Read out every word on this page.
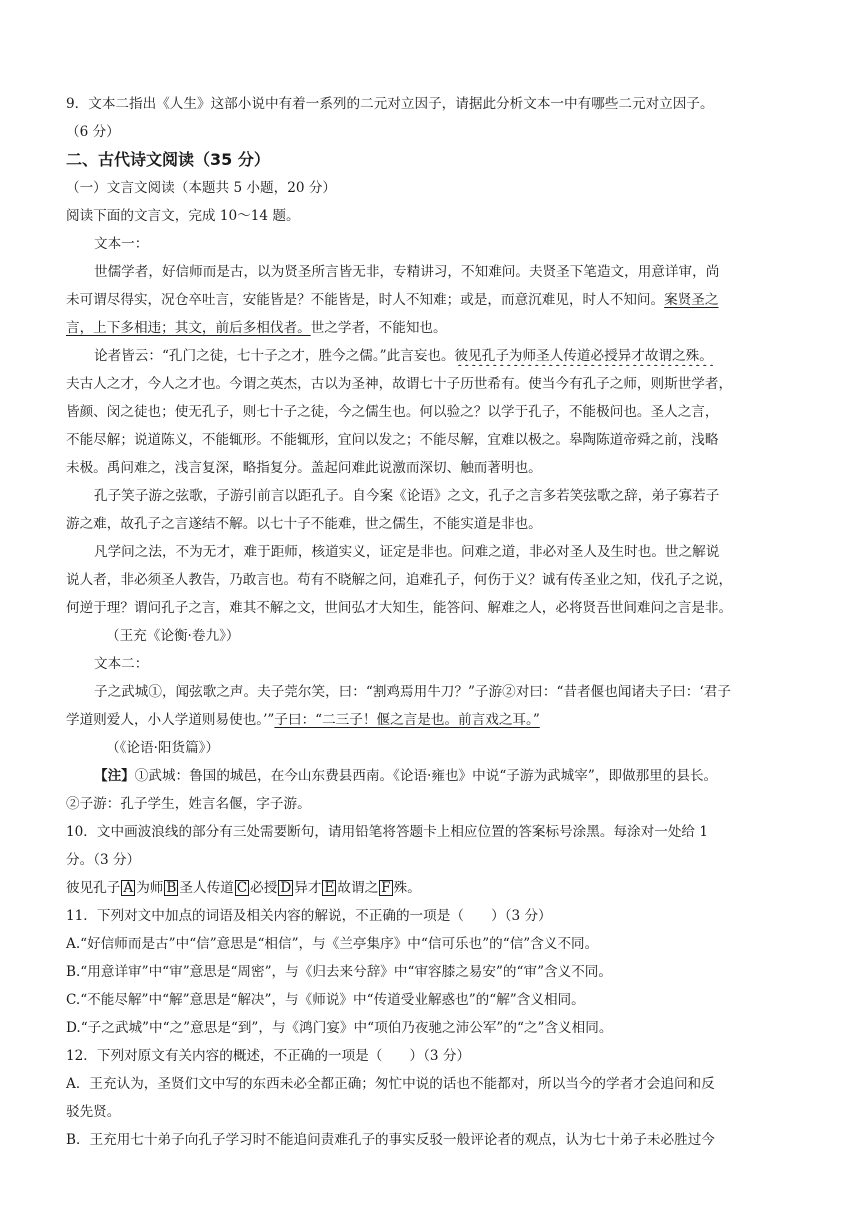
9．文本二指出《人生》这部小说中有着一系列的二元对立因子，请据此分析文本一中有哪些二元对立因子。
（6 分）
二、古代诗文阅读（35 分）
（一）文言文阅读（本题共 5 小题，20 分）
阅读下面的文言文，完成 10～14 题。
文本一：
世儒学者，好信师而是古，以为贤圣所言皆无非，专精讲习，不知难问。夫贤圣下笔造文，用意详审，尚
未可谓尽得实，况仓卒吐言，安能皆是？不能皆是，时人不知难；或是，而意沉难见，时人不知问。案贤圣之
言，上下多相违；其文，前后多相伐者。世之学者，不能知也。
论者皆云：“孔门之徒，七十子之才，胜今之儒。”此言妄也。彼见孔子为师圣人传道必授异才故谓之殊。
夫古人之才，今人之才也。今谓之英杰，古以为圣神，故谓七十子历世希有。使当今有孔子之师，则斯世学者，
皆颜、闵之徒也；使无孔子，则七十子之徒，今之儒生也。何以验之？以学于孔子，不能极问也。圣人之言，
不能尽解；说道陈义，不能辄形。不能辄形，宜问以发之；不能尽解，宜难以极之。皋陶陈道帝舜之前，浅略
未极。禹问难之，浅言复深，略指复分。盖起问难此说激而深切、触而著明也。
孔子笑子游之弦歌，子游引前言以距孔子。自今案《论语》之文，孔子之言多若笑弦歌之辞，弟子寡若子
游之难，故孔子之言遂结不解。以七十子不能难，世之儒生，不能实道是非也。
凡学问之法，不为无才，难于距师，核道实义，证定是非也。问难之道，非必对圣人及生时也。世之解说
说人者，非必须圣人教告，乃敢言也。苟有不晓解之问，追难孔子，何伤于义？诚有传圣业之知，伐孔子之说，
何逆于理？谓问孔子之言，难其不解之文，世间弘才大知生，能答问、解难之人，必将贤吾世间难问之言是非。
（王充《论衡·卷九》）
文本二：
子之武城①，闻弦歌之声。夫子莞尔笑，曰：“割鸡焉用牛刀？”子游②对曰：“昔者偃也闻诸夫子曰：‘君子
学道则爱人，小人学道则易使也。’”子曰：“二三子！偃之言是也。前言戏之耳。”
（《论语·阳货篇》）
【注】①武城：鲁国的城邑，在今山东费县西南。《论语·雍也》中说“子游为武城宰”，即做那里的县长。
②子游：孔子学生，姓言名偃，字子游。
10．文中画波浪线的部分有三处需要断句，请用铅笔将答题卡上相应位置的答案标号涂黑。每涂对一处给 1
分。（3 分）
彼见孔子 A 为师 B 圣人传道 C 必授 D 异才 E 故谓之 F 殊。
11．下列对文中加点的词语及相关内容的解说，不正确的一项是（　　）（3 分）
A.“好信师而是古”中“信”意思是“相信”，与《兰亭集序》中“信可乐也”的“信”含义不同。
B.“用意详审”中“审”意思是“周密”，与《归去来兮辞》中“审容膝之易安”的“审”含义不同。
C.“不能尽解”中“解”意思是“解决”，与《师说》中“传道受业解惑也”的“解”含义相同。
D.“子之武城”中“之”意思是“到”，与《鸿门宴》中“项伯乃夜驰之沛公军”的“之”含义相同。
12．下列对原文有关内容的概述，不正确的一项是（　　）（3 分）
A．王充认为，圣贤们文中写的东西未必全都正确；匆忙中说的话也不能都对，所以当今的学者才会追问和反
驳先贤。
B．王充用七十弟子向孔子学习时不能追问责难孔子的事实反驳一般评论者的观点，认为七十弟子未必胜过今
